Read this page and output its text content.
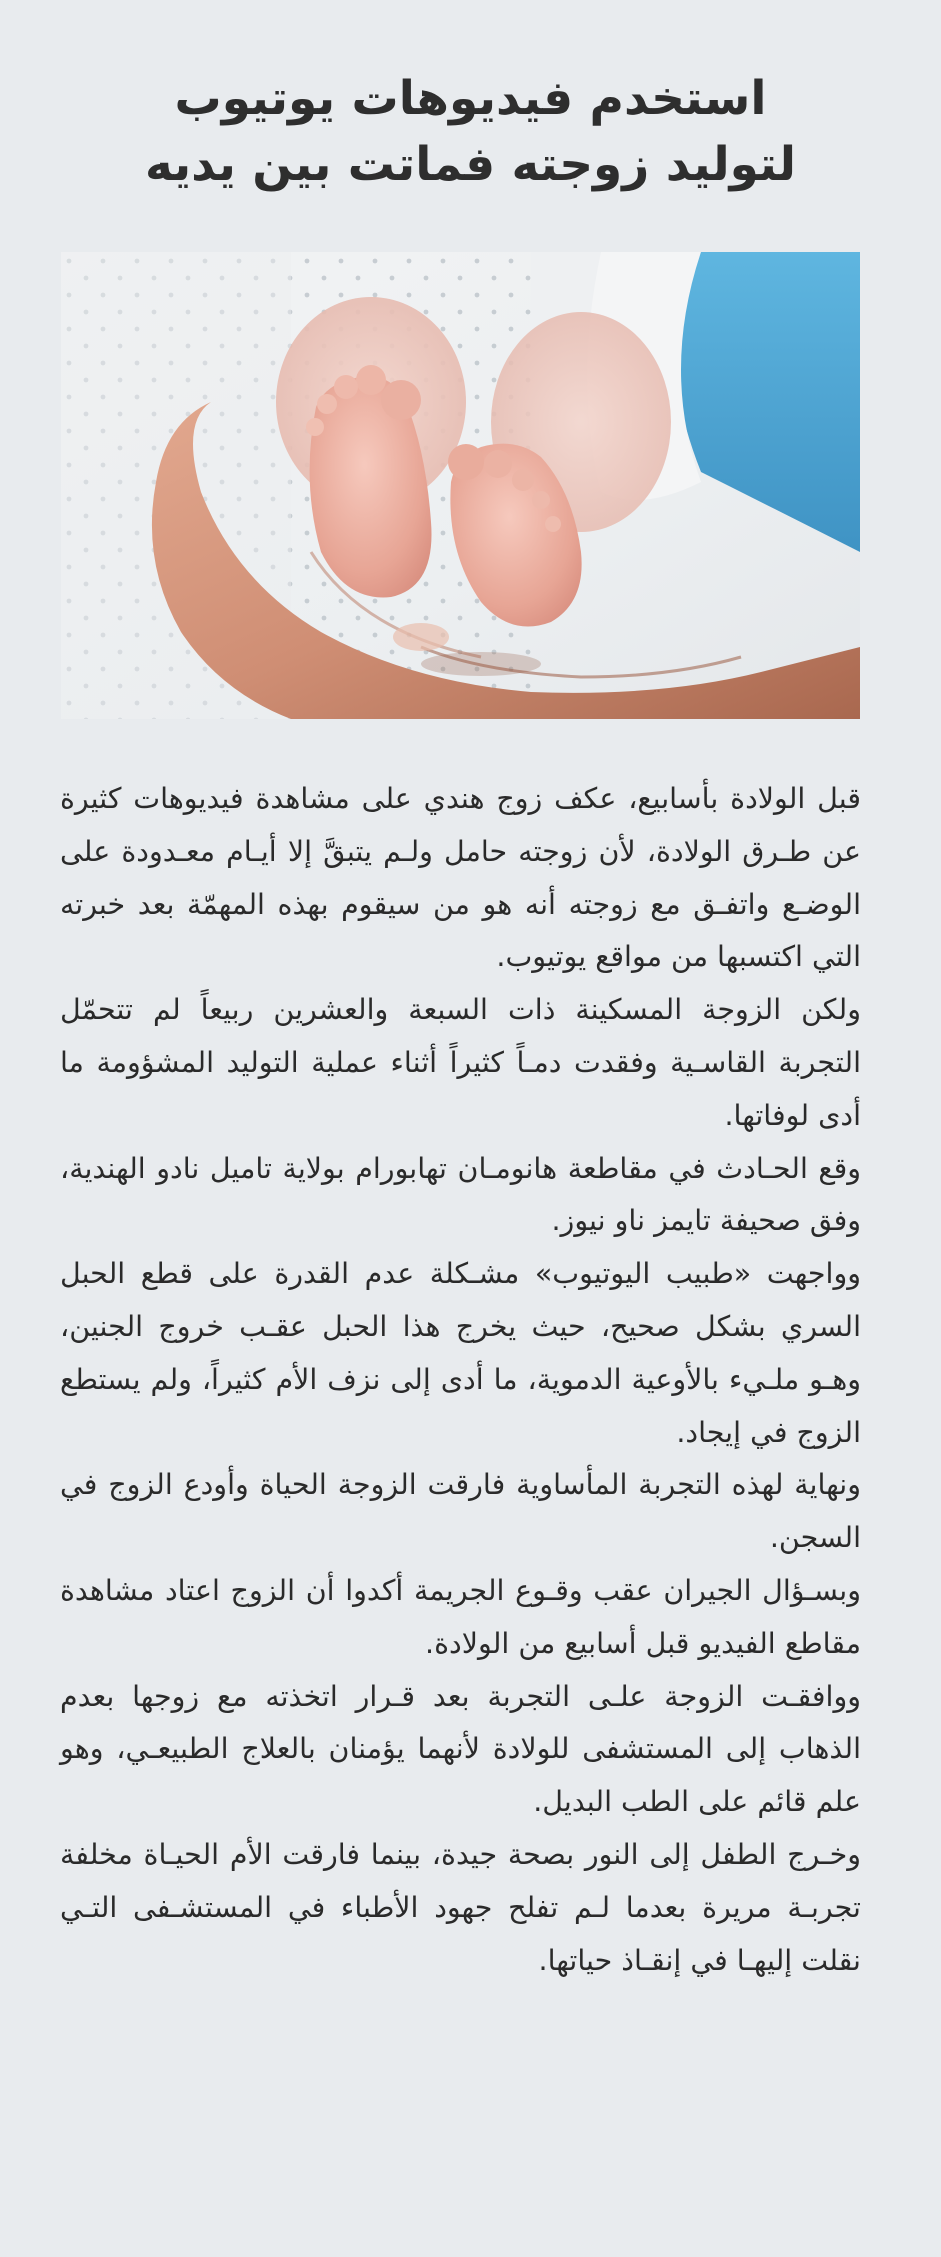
استخدم فيديوهات يوتيوب
لتوليد زوجته فماتت بين يديه

قبل الولادة بأسابيع، عكف زوج هندي على مشاهدة فيديوهات كثيرة عن طـرق الولادة، لأن زوجته حامل ولـم يتبقَّ إلا أيـام معـدودة على الوضـع واتفـق مع زوجته أنه هو من سيقوم بهذه المهمّة بعد خبرته التي اكتسبها من مواقع يوتيوب.

ولكن الزوجة المسكينة ذات السبعة والعشرين ربيعاً لم تتحمّل التجربة القاسـية وفقدت دمـاً كثيراً أثناء عملية التوليد المشؤومة ما أدى لوفاتها.

وقع الحـادث في مقاطعة هانومـان تهابورام بولاية تاميل نادو الهندية، وفق صحيفة تايمز ناو نيوز.

وواجهت «طبيب اليوتيوب» مشـكلة عدم القدرة على قطع الحبل السري بشكل صحيح، حيث يخرج هذا الحبل عقـب خروج الجنين، وهـو ملـيء بالأوعية الدموية، ما أدى إلى نزف الأم كثيراً، ولم يستطع الزوج في إيجاد.

ونهاية لهذه التجربة المأساوية فارقت الزوجة الحياة وأودع الزوج في السجن.

وبسـؤال الجيران عقب وقـوع الجريمة أكدوا أن الزوج اعتاد مشاهدة مقاطع الفيديو قبل أسابيع من الولادة.

ووافقـت الزوجة علـى التجربة بعد قـرار اتخذته مع زوجها بعدم الذهاب إلى المستشفى للولادة لأنهما يؤمنان بالعلاج الطبيعـي، وهو علم قائم على الطب البديل.

وخـرج الطفل إلى النور بصحة جيدة، بينما فارقت الأم الحيـاة مخلفة تجربـة مريرة بعدما لـم تفلح جهود الأطباء في المستشـفى التـي نقلت إليهـا في إنقـاذ حياتها.
